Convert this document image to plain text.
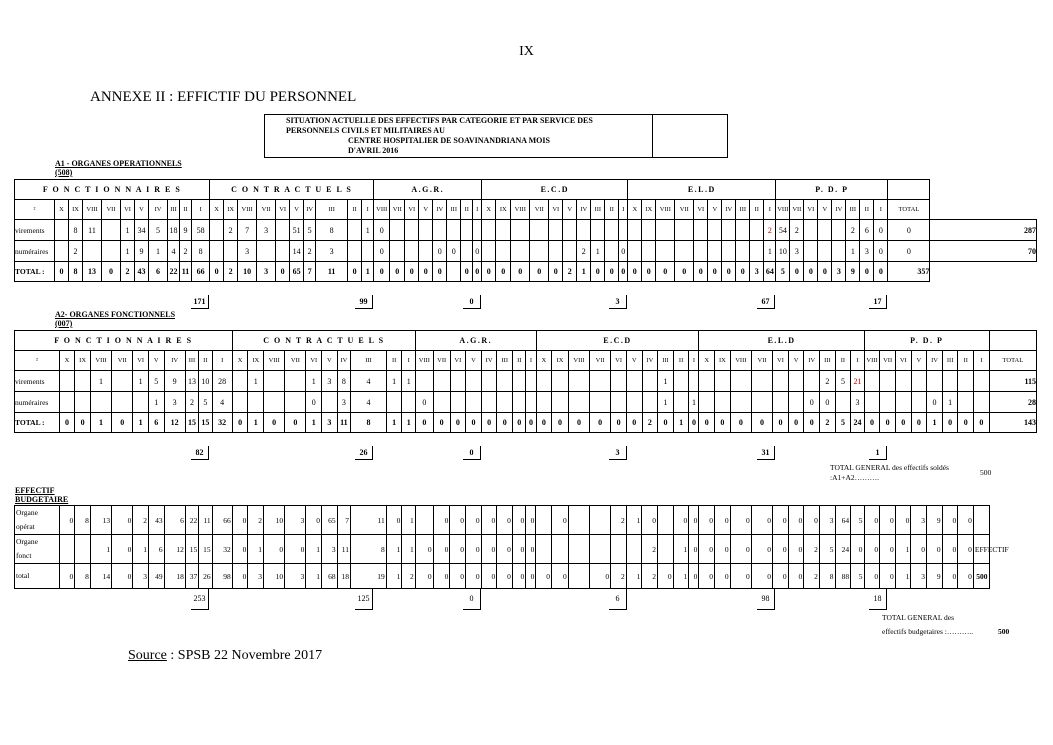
IX
ANNEXE II : EFFICTIF DU PERSONNEL
SITUATION ACTUELLE DES EFFECTIFS PAR CATEGORIE ET PAR SERVICE DES
PERSONNELS CIVILS ET MILITAIRES AU
CENTRE HOSPITALIER DE SOAVINANDRIANA MOIS
D'AVRIL 2016
A1 - ORGANES OPERATIONNELS
(508)
F O N C T I O N N A I R E S											C O N T R A C T U E L S										A.G.R.								E.C.D										E.L.D										P. D. P									
²	X	IX	VIII	VII	VI	V	IV	III	II	I	X	IX	VIII	VII	VI	V	IV	III	II	I	VIII	VII	VI	V	IV	III	II	I	X	IX	VIII	VII	VI	V	IV	III	II	I	X	IX	VIII	VII	VI	V	IV	III	II	I	VIII	VII	VI	V	IV	III	II	I	TOTAL	
virements		8	11		1	34	5	18	9	58		2	7	3		51	5	8		1	0																											2	54	2				2	6	0	0	287
numéraires		2			1	9	1	4	2	8			3			14	2	3			0				0	0		0							2	1		0										1	10	3				1	3	0	0	70
TOTAL :	0	8	13	0	2	43	6	22	11	66	0	2	10	3	0	65	7	11	0	1	0	0	0	0	0		0	0	0	0	0	0	0	2	1	0	0	0	0	0	0	0	0	0	0	0	3	64	5	0	0	0	3	9	0	0	357	
171	99	0	3	67	17
A2- ORGANES FONCTIONNELS
(007)
F O N C T I O N N A I R E S											C O N T R A C T U E L S										A.G.R.								E.C.D										E.L.D										P. D. P								
²	X	IX	VIII	VII	VI	V	IV	III	II	I	X	IX	VIII	VII	VI	V	IV	III	II	I	VIII	VII	VI	V	IV	III	II	I	X	IX	VIII	VII	VI	V	IV	III	II	I	X	IX	VIII	VII	VI	V	IV	III	II	I	VIII	VII	VI	V	IV	III	II	I	TOTAL
virements			1		1	5	9	13	10	28		1			1	3	8	4	1	1																1										2	5	21									115
numéraires						1	3	2	5	4					0		3	4			0															1		1							0	0		3					0	1			28
TOTAL :	0	0	1	0	1	6	12	15	15	32	0	1	0	0	1	3	11	8	1	1	0	0	0	0	0	0	0	0	0	0	0	0	0	0	2	0	1	0	0	0	0	0	0	0	0	2	5	24	0	0	0	0	1	0	0	0	143
82	26	0	3	31	1
TOTAL GENERAL des effectifs soldés :A1+A2……….
500
EFFECTIF
BUDGETAIRE
Organe
opérat	0	8	13	0	2	43	6	22	11	66	0	2	10	3	0	65	7	11	0	1		0	0	0	0	0	0	0		0			2	1	0		0	0	0	0	0	0	0	0	0	3	64	5	0	0	0	3	9	0	0	

Organe
fonct			1	0	1	6	12	15	15	32	0	1	0	0	1	3	11	8	1	1	0	0	0	0	0	0	0	0							2		1	0	0	0	0	0	0	0	2	5	24	0	0	0	1	0	0	0	0	EFFECTIF

total	0	8	14	0	3	49	18	37	26	98	0	3	10	3	1	68	18	19	1	2	0	0	0	0	0	0	0	0	0	0		0	2	1	2	0	1	0	0	0	0	0	0	0	2	8	88	5	0	0	1	3	9	0	0	500
253	125	0	6	98	18
TOTAL GENERAL des
effectifs budgetaires :………..	500
Source : SPSB 22 Novembre 2017
